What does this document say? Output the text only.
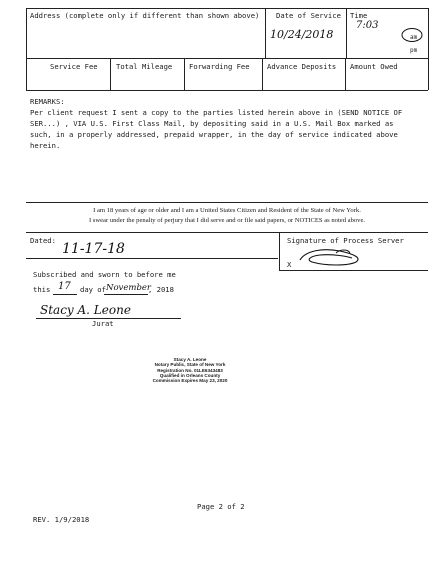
Address (complete only if different than shown above) Date of Service Time
10/24/2018
7:03
am
pm
Service Fee	Total Mileage Forwarding Fee Advance Deposits Amount Owed
REMARKS:
Per client request I sent a copy to the parties listed herein above in (SEND NOTICE OF
SER...) , VIA U.S. First Class Mail, by depositing said in a U.S. Mail Box marked as
such, in a properly addressed, prepaid wrapper, in the day of service indicated above
herein.
I am 18 years of age or older and I am a United States Citizen and Resident of the State of New York.
I swear under the penalty of perjury that I did serve and or file said papers, or NOTICES as noted above.
Dated:
11-17-18
Signature of Process Server
X
Subscribed and sworn to before me
this 17 day of November
, 2018
Stacy A. Leone
Jurat
Stacy A. Leone
Notary Public, State of New York
Registration No. 01LE6343483
Qualified in Orleans County
Commission Expires May 23, 2020
Page 2 of 2
REV. 1/9/2018
